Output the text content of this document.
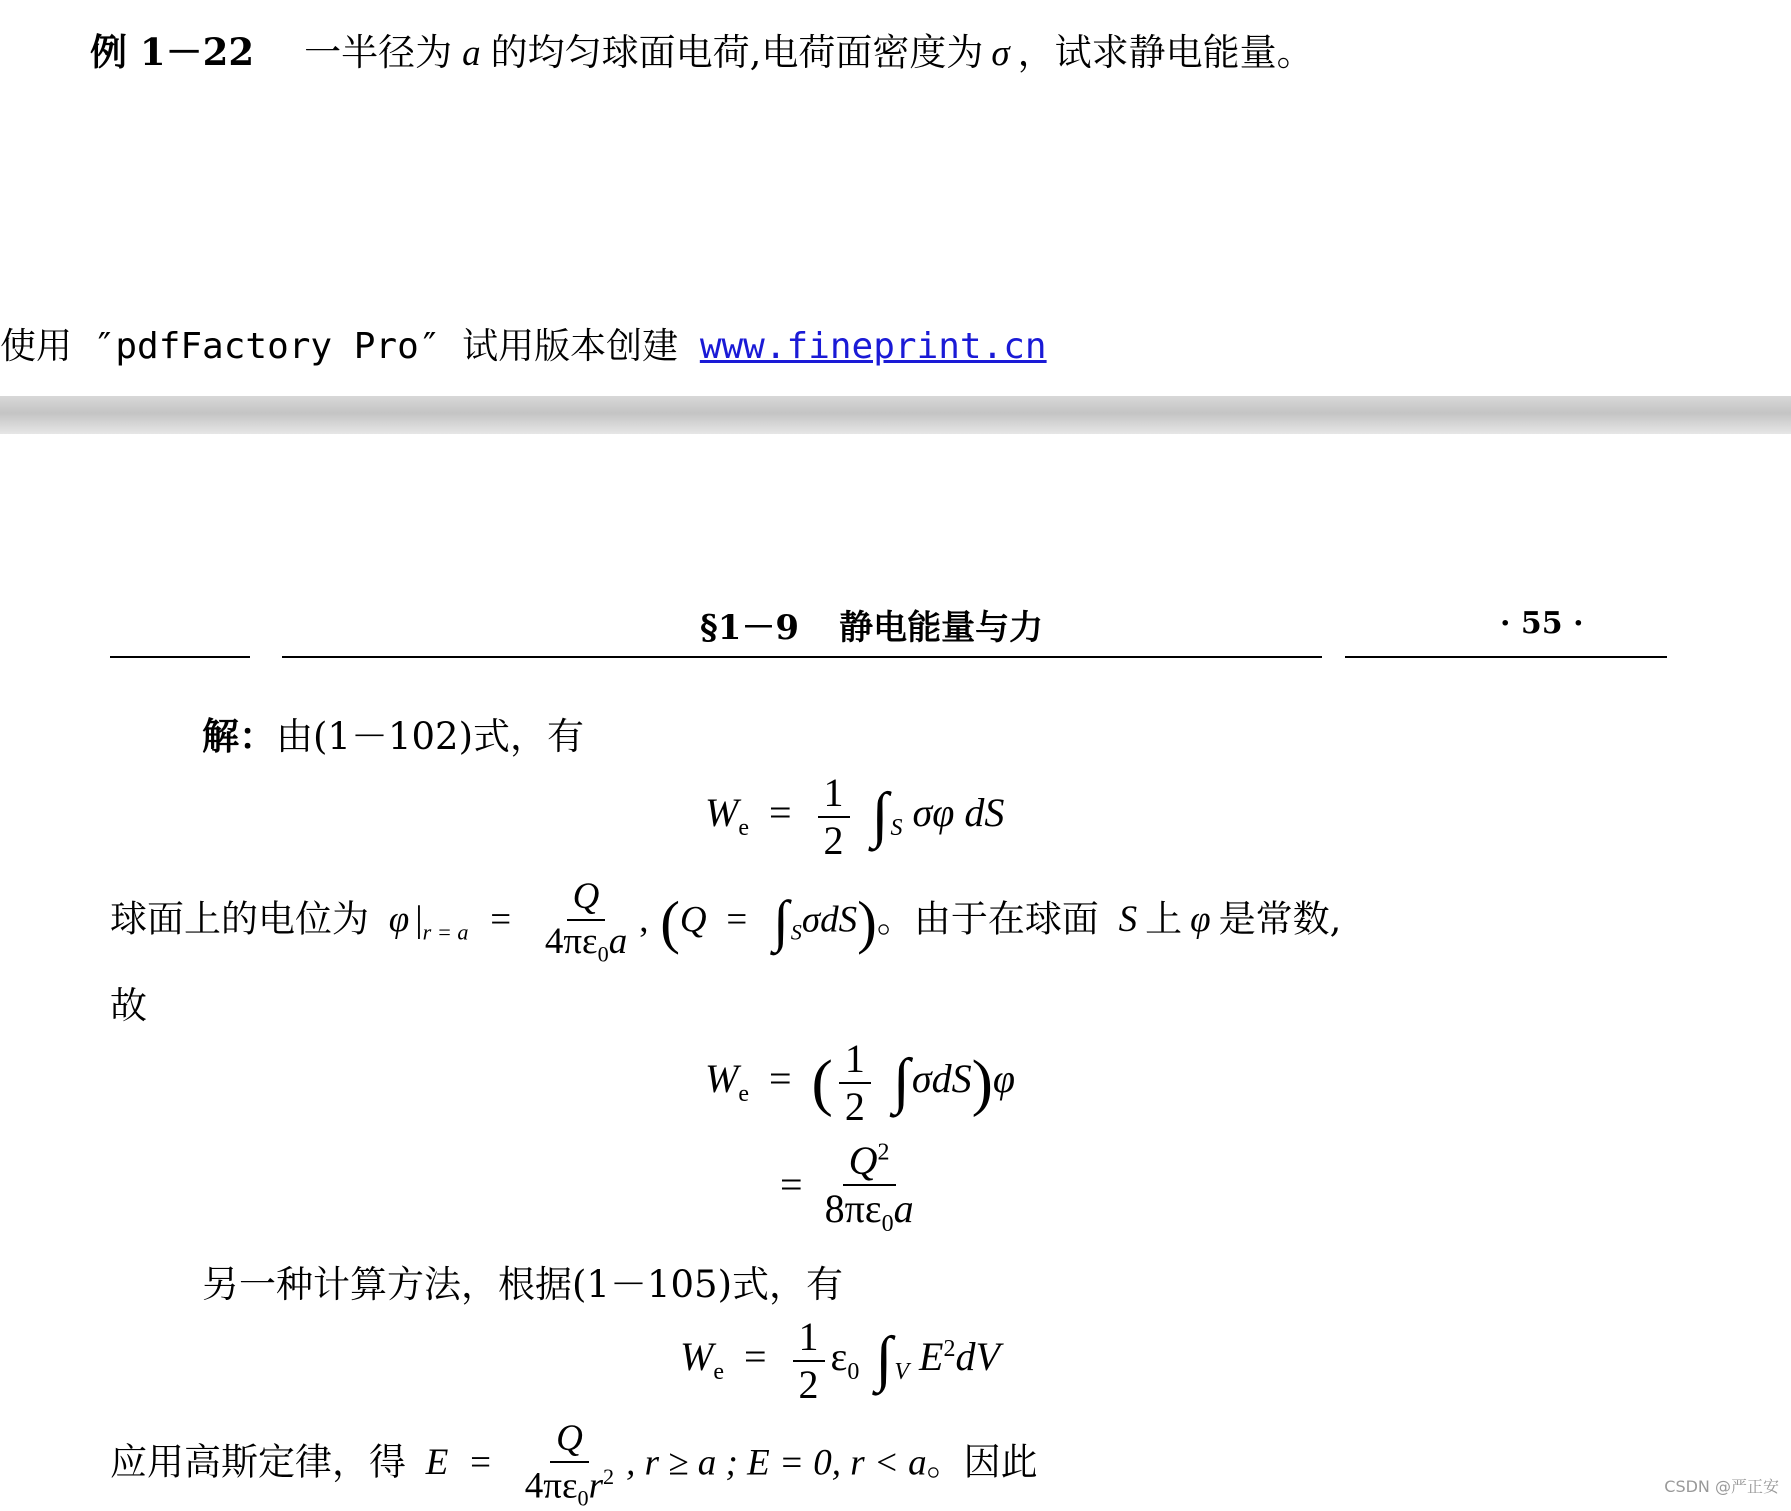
例 1－22 一半径为 a 的均匀球面电荷,电荷面密度为 σ ，试求静电能量。
使用 ″pdfFactory Pro″ 试用版本创建 www.fineprint.cn
§1－9 静电能量与力	· 55 ·
解：由(1－102)式，有
$W_e = \frac{1}{2} \int_S$ σφ dS
球面上的电位为 φ $|_{r = a} = \frac{Q}{4\pi\varepsilon_0a}$ , $(Q = \int_S\sigma dS)$。由于在球面 S 上 φ 是常数,
故
$W_e$ = ( $\frac{1}{2} \int\sigma dS)\varphi$
= $\frac{Q^2}{8\pi\varepsilon_0a}$
另一种计算方法，根据(1－105)式，有
$W_e = \frac{1}{2} \varepsilon_0$ $\int_V$ $E^2dV$
应用高斯定律，得 $E = \frac{Q}{4\pi\varepsilon_0r^2}$ , r ≥ a ; E = 0, r < a。因此
CSDN @严正安
